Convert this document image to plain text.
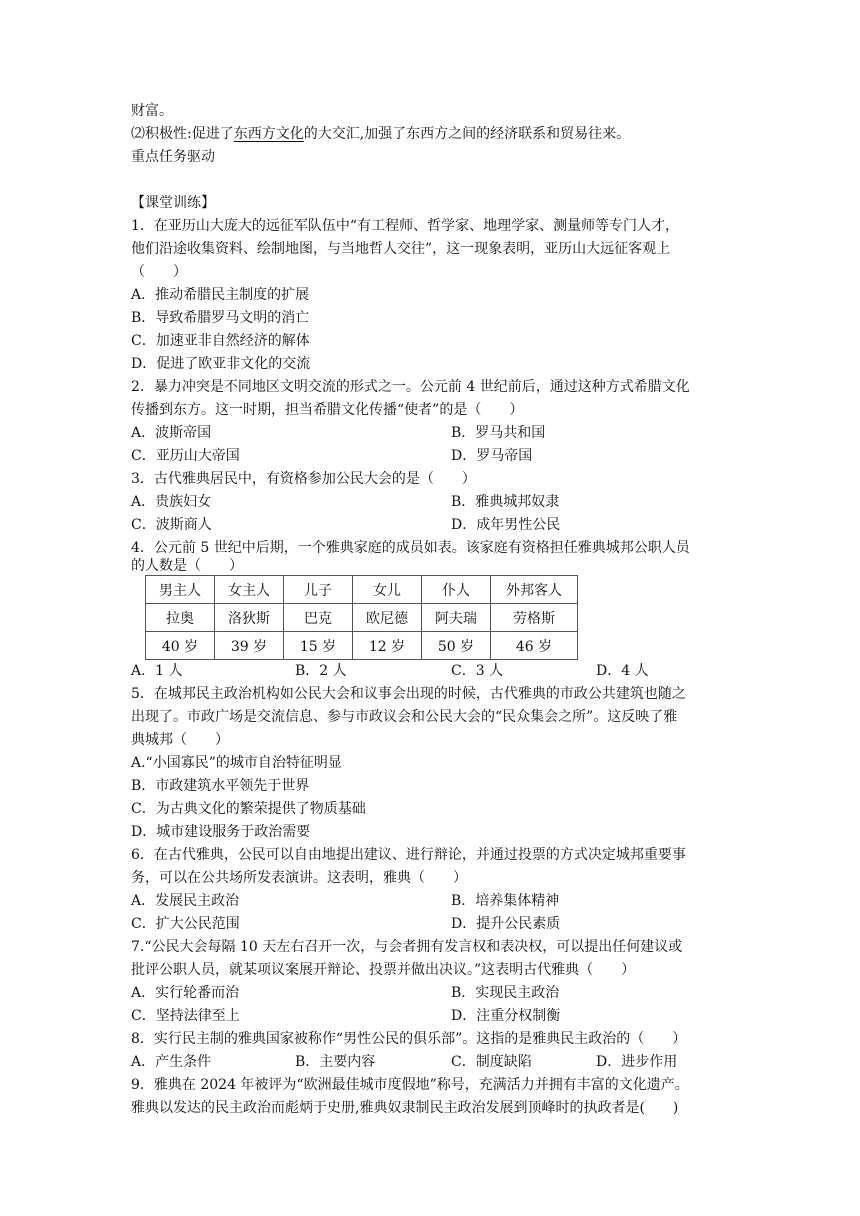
财富。
⑵积极性:促进了东西方文化的大交汇,加强了东西方之间的经济联系和贸易往来。
重点任务驱动
【课堂训练】
1．在亚历山大庞大的远征军队伍中“有工程师、哲学家、地理学家、测量师等专门人才，
他们沿途收集资料、绘制地图，与当地哲人交往”，这一现象表明，亚历山大远征客观上
（　　）
A．推动希腊民主制度的扩展
B．导致希腊罗马文明的消亡
C．加速亚非自然经济的解体
D．促进了欧亚非文化的交流
2．暴力冲突是不同地区文明交流的形式之一。公元前 4 世纪前后，通过这种方式希腊文化
传播到东方。这一时期，担当希腊文化传播“使者”的是（　　）
A．波斯帝国	B．罗马共和国
C．亚历山大帝国	D．罗马帝国
3．古代雅典居民中，有资格参加公民大会的是（　　）
A．贵族妇女	B．雅典城邦奴隶
C．波斯商人	D．成年男性公民
4．公元前 5 世纪中后期，一个雅典家庭的成员如表。该家庭有资格担任雅典城邦公职人员
的人数是（　　）
男主人	女主人	儿子	女儿	仆人	外邦客人
拉奥	洛狄斯	巴克	欧尼德	阿夫瑞	劳格斯
40 岁	39 岁	15 岁	12 岁	50 岁	46 岁
A．1 人	B．2 人	C．3 人	D．4 人
5．在城邦民主政治机构如公民大会和议事会出现的时候，古代雅典的市政公共建筑也随之
出现了。市政广场是交流信息、参与市政议会和公民大会的“民众集会之所”。这反映了雅
典城邦（　　）
A.“小国寡民”的城市自治特征明显
B．市政建筑水平领先于世界
C．为古典文化的繁荣提供了物质基础
D．城市建设服务于政治需要
6．在古代雅典，公民可以自由地提出建议、进行辩论，并通过投票的方式决定城邦重要事
务，可以在公共场所发表演讲。这表明，雅典（　　）
A．发展民主政治	B．培养集体精神
C．扩大公民范围	D．提升公民素质
7.“公民大会每隔 10 天左右召开一次，与会者拥有发言权和表决权，可以提出任何建议或
批评公职人员，就某项议案展开辩论、投票并做出决议。”这表明古代雅典（　　）
A．实行轮番而治	B．实现民主政治
C．坚持法律至上	D．注重分权制衡
8．实行民主制的雅典国家被称作“男性公民的俱乐部”。这指的是雅典民主政治的（　　）
A．产生条件	B．主要内容	C．制度缺陷	D．进步作用
9．雅典在 2024 年被评为“欧洲最佳城市度假地”称号，充满活力并拥有丰富的文化遗产。
雅典以发达的民主政治而彪炳于史册,雅典奴隶制民主政治发展到顶峰时的执政者是(　　)
